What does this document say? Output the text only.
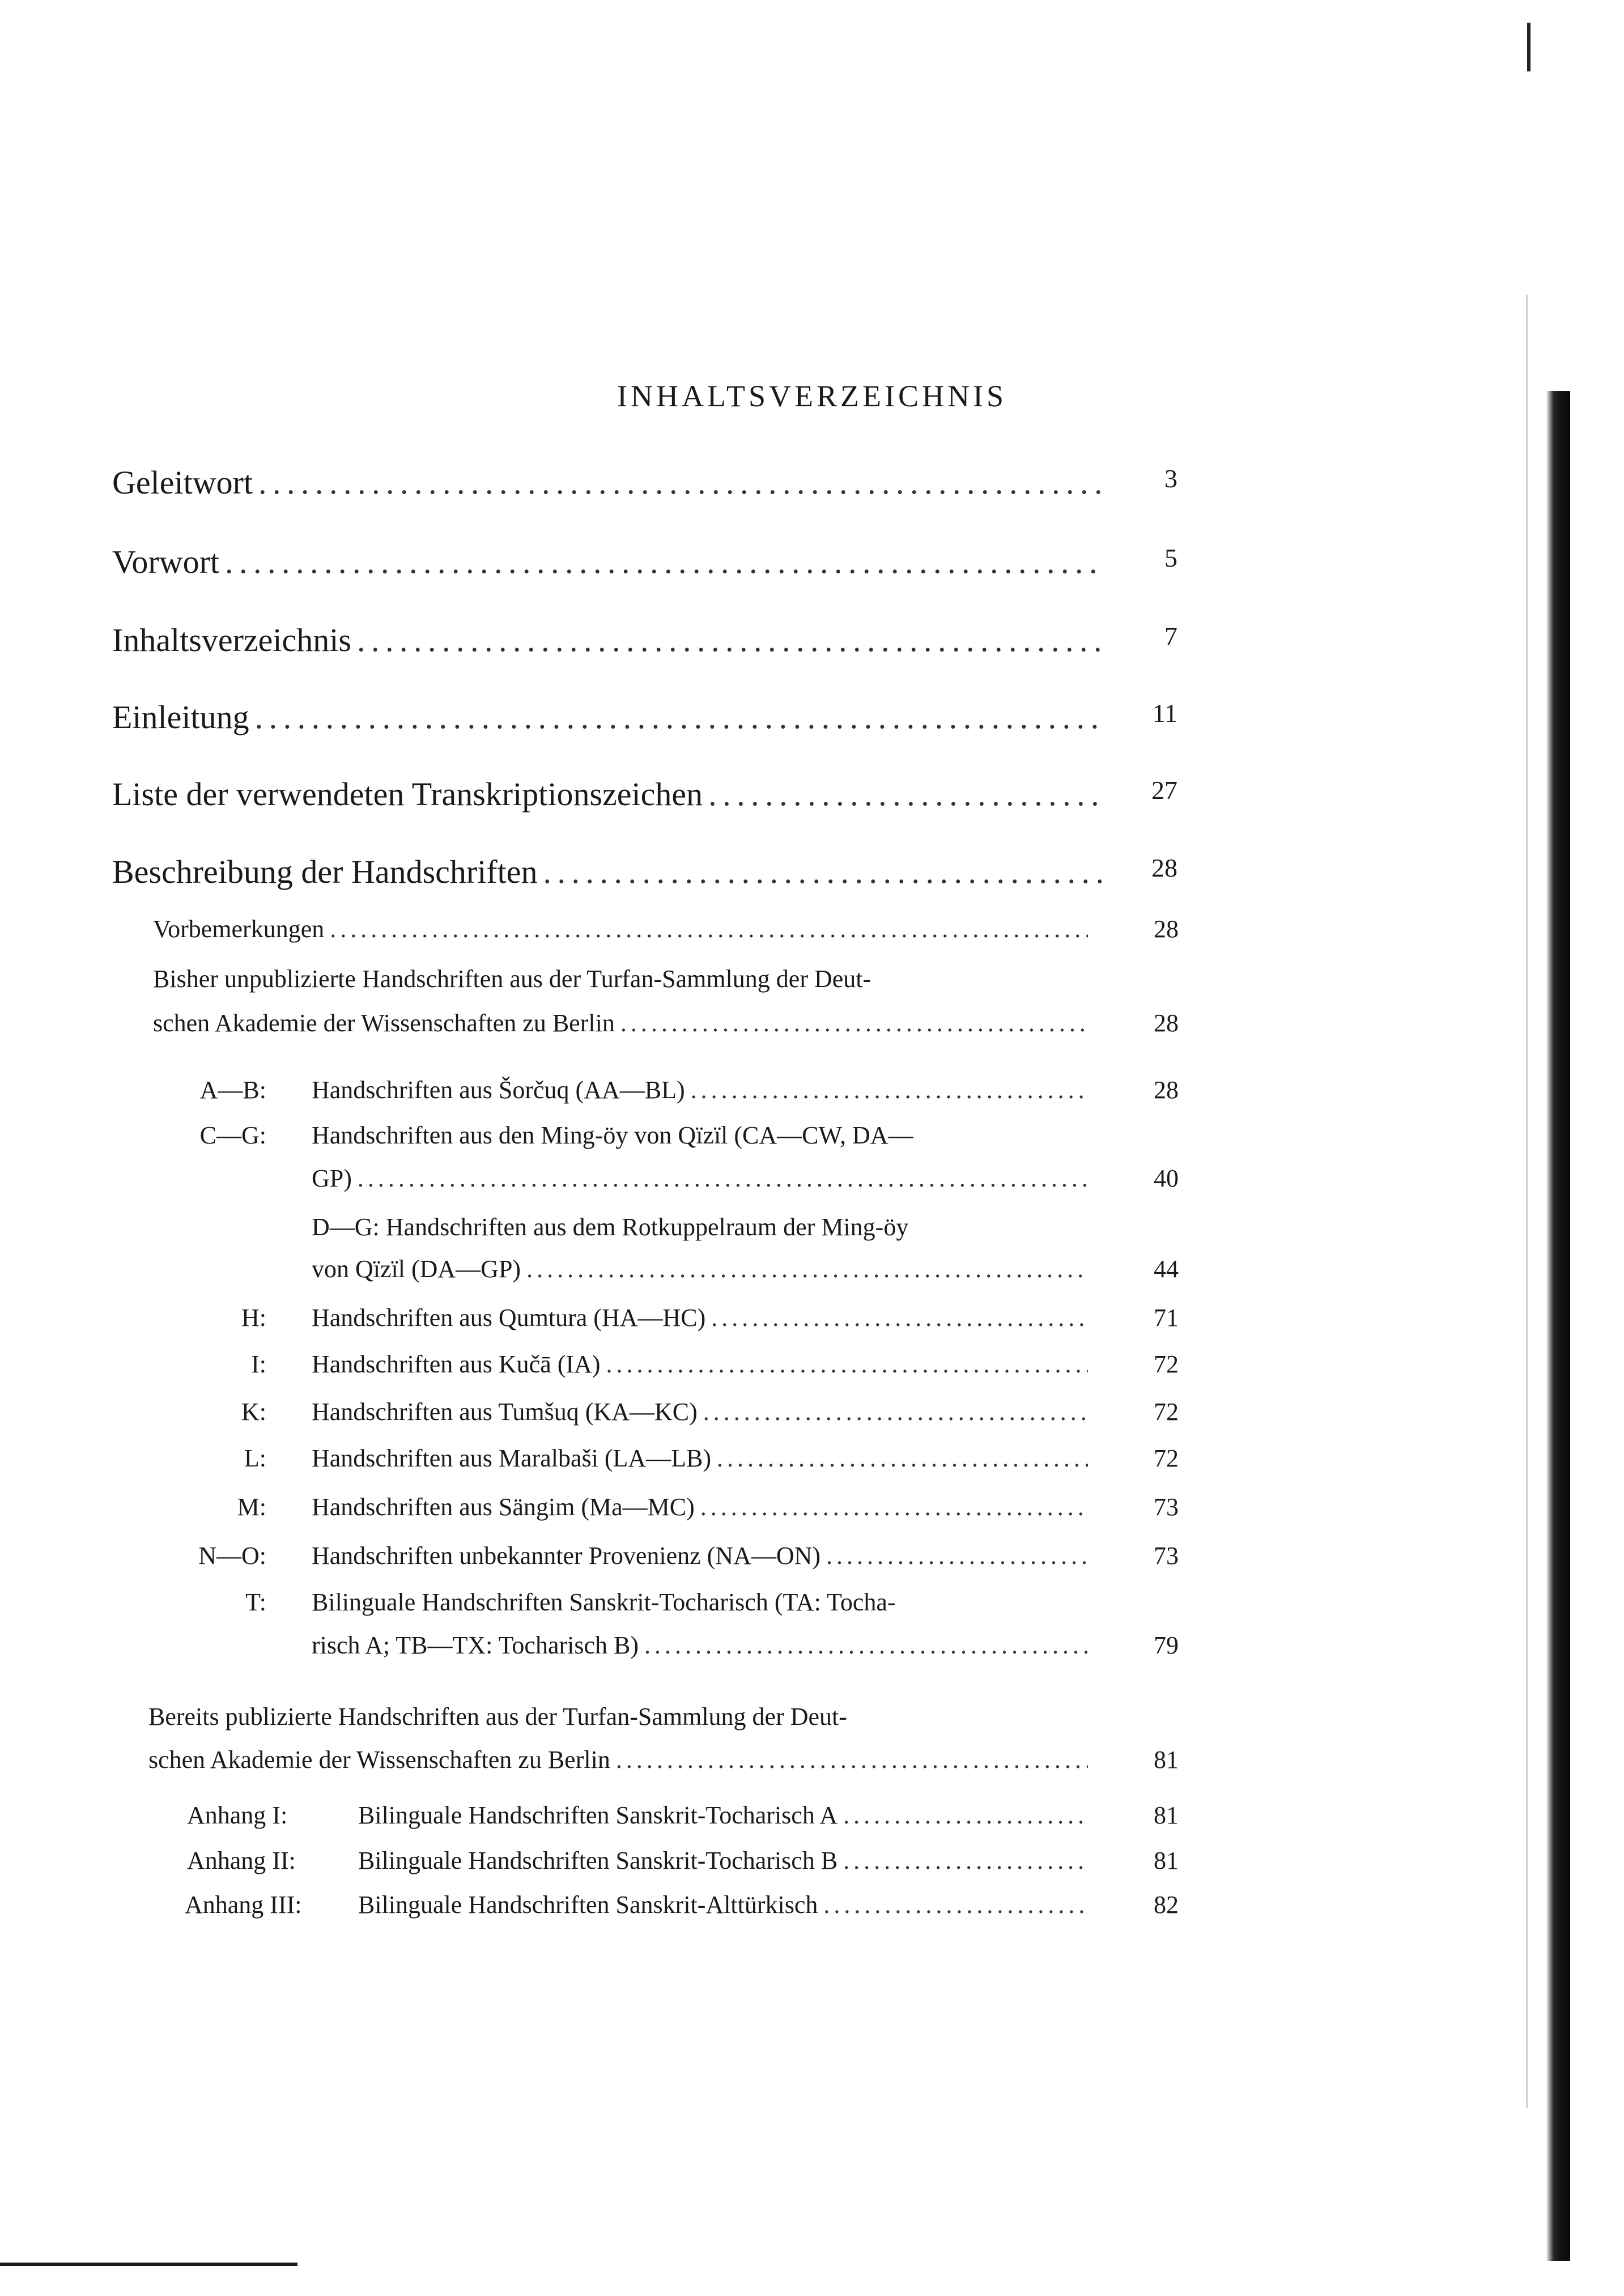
INHALTSVERZEICHNIS
Geleitwort . . .	3
Vorwort . . .	5
Inhaltsverzeichnis . . .	7
Einleitung . . .	11
Liste der verwendeten Transkriptionszeichen . . .	27
Beschreibung der Handschriften . . .	28
Vorbemerkungen . . .	28
Bisher unpublizierte Handschriften aus der Turfan-Sammlung der Deut-
schen Akademie der Wissenschaften zu Berlin . . .	28
A—B: Handschriften aus Šorčuq (AA—BL) . . .	28
C—G: Handschriften aus den Ming-öy von Qïzïl (CA—CW, DA—
GP) . . .	40
D—G: Handschriften aus dem Rotkuppelraum der Ming-öy
von Qïzïl (DA—GP) . . .	44
H: Handschriften aus Qumtura (HA—HC) . . .	71
I: Handschriften aus Kučā (IA) . . .	72
K: Handschriften aus Tumšuq (KA—KC) . . .	72
L: Handschriften aus Maralbaši (LA—LB) . . .	72
M: Handschriften aus Sängim (Ma—MC) . . .	73
N—O: Handschriften unbekannter Provenienz (NA—ON) . . .	73
T: Bilinguale Handschriften Sanskrit-Tocharisch (TA: Tocha-
risch A; TB—TX: Tocharisch B) . . .	79
Bereits publizierte Handschriften aus der Turfan-Sammlung der Deut-
schen Akademie der Wissenschaften zu Berlin . . .	81
Anhang I:	Bilinguale Handschriften Sanskrit-Tocharisch A . . .	81
Anhang II:	Bilinguale Handschriften Sanskrit-Tocharisch B . . .	81
Anhang III: Bilinguale Handschriften Sanskrit-Alttürkisch . . .	82
